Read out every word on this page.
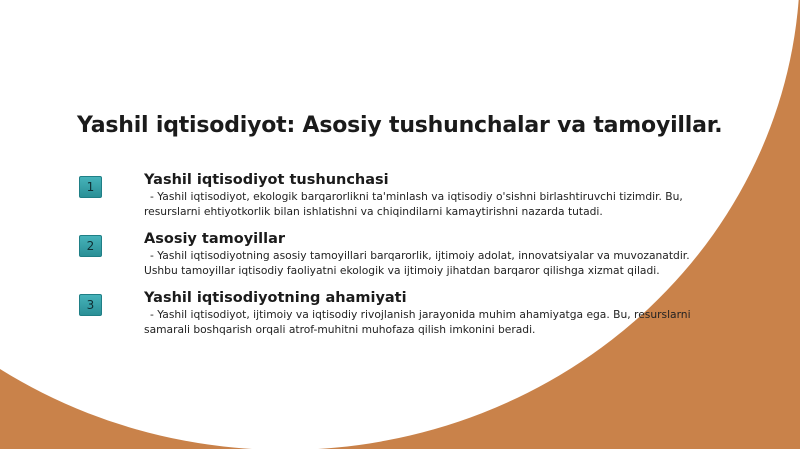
Yashil iqtisodiyot: Asosiy tushunchalar va tamoyillar.
1	Yashil iqtisodiyot tushunchasi

- Yashil iqtisodiyot, ekologik barqarorlikni ta'minlash va iqtisodiy o'sishni birlashtiruvchi tizimdir. Bu, resurslarni ehtiyotkorlik bilan ishlatishni va chiqindilarni kamaytirishni nazarda tutadi.

2	Asosiy tamoyillar

- Yashil iqtisodiyotning asosiy tamoyillari barqarorlik, ijtimoiy adolat, innovatsiyalar va muvozanatdir. Ushbu tamoyillar iqtisodiy faoliyatni ekologik va ijtimoiy jihatdan barqaror qilishga xizmat qiladi.

3	Yashil iqtisodiyotning ahamiyati

- Yashil iqtisodiyot, ijtimoiy va iqtisodiy rivojlanish jarayonida muhim ahamiyatga ega. Bu, resurslarni samarali boshqarish orqali atrof-muhitni muhofaza qilish imkonini beradi.
